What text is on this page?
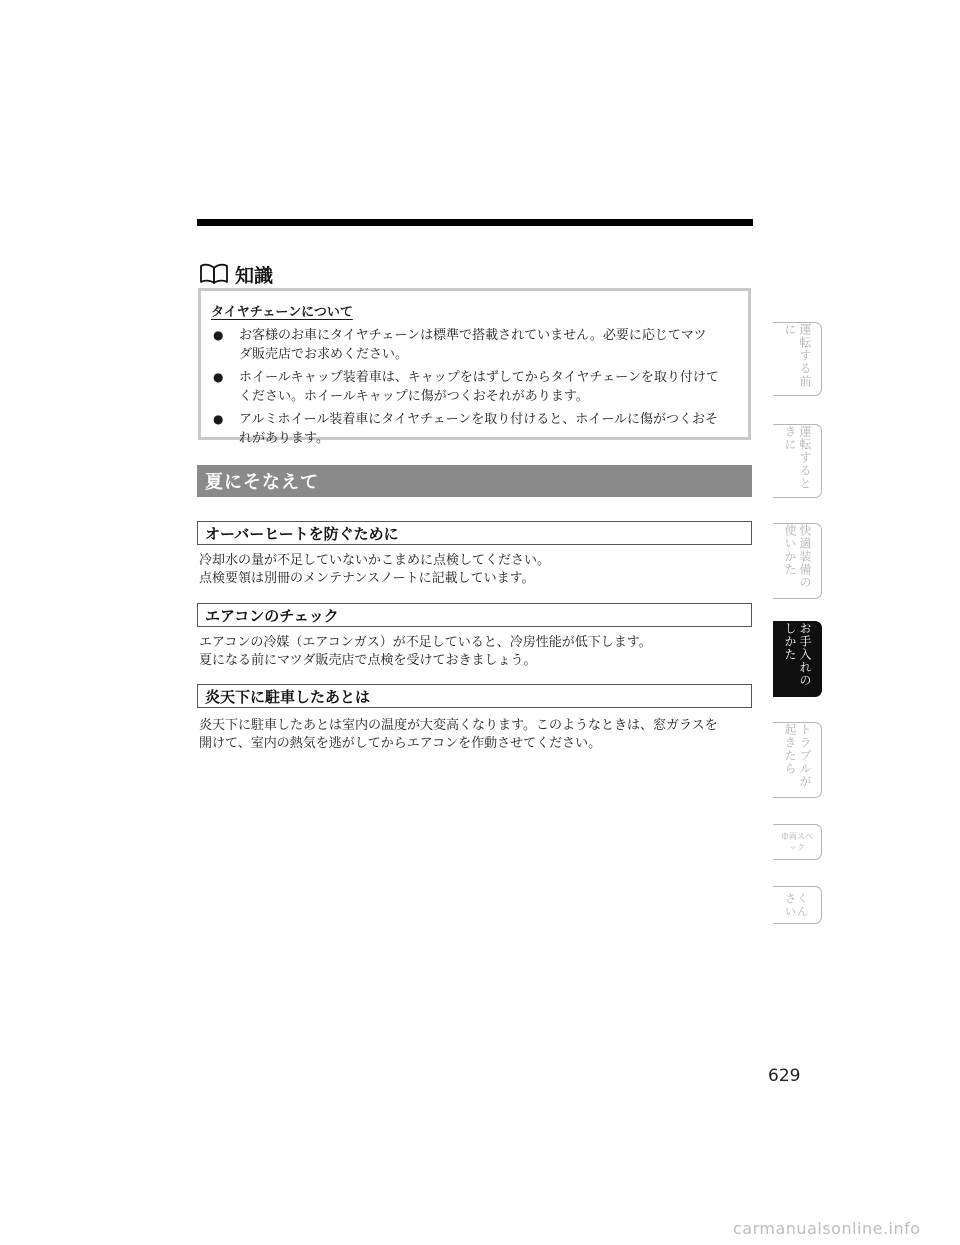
知識
タイヤチェーンについて
● お客様のお車にタイヤチェーンは標準で搭載されていません。必要に応じてマツ
ダ販売店でお求めください。
● ホイールキャップ装着車は、キャップをはずしてからタイヤチェーンを取り付けて
ください。ホイールキャップに傷がつくおそれがあります。
● アルミホイール装着車にタイヤチェーンを取り付けると、ホイールに傷がつくおそ
れがあります。
夏にそなえて
オーバーヒートを防ぐために
冷却水の量が不足していないかこまめに点検してください。
点検要領は別冊のメンテナンスノートに記載しています。
エアコンのチェック
エアコンの冷媒（エアコンガス）が不足していると、冷房性能が低下します。
夏になる前にマツダ販売店で点検を受けておきましょう。
炎天下に駐車したあとは
炎天下に駐車したあとは室内の温度が大変高くなります。このようなときは、窓ガラスを
開けて、室内の熱気を逃がしてからエアコンを作動させてください。
運転する前に
運転するときに
快適装備の使いかた
お手入れのしかた
トラブルが起きたら
車両スペック
さくいん
629
carmanualsonline.info
